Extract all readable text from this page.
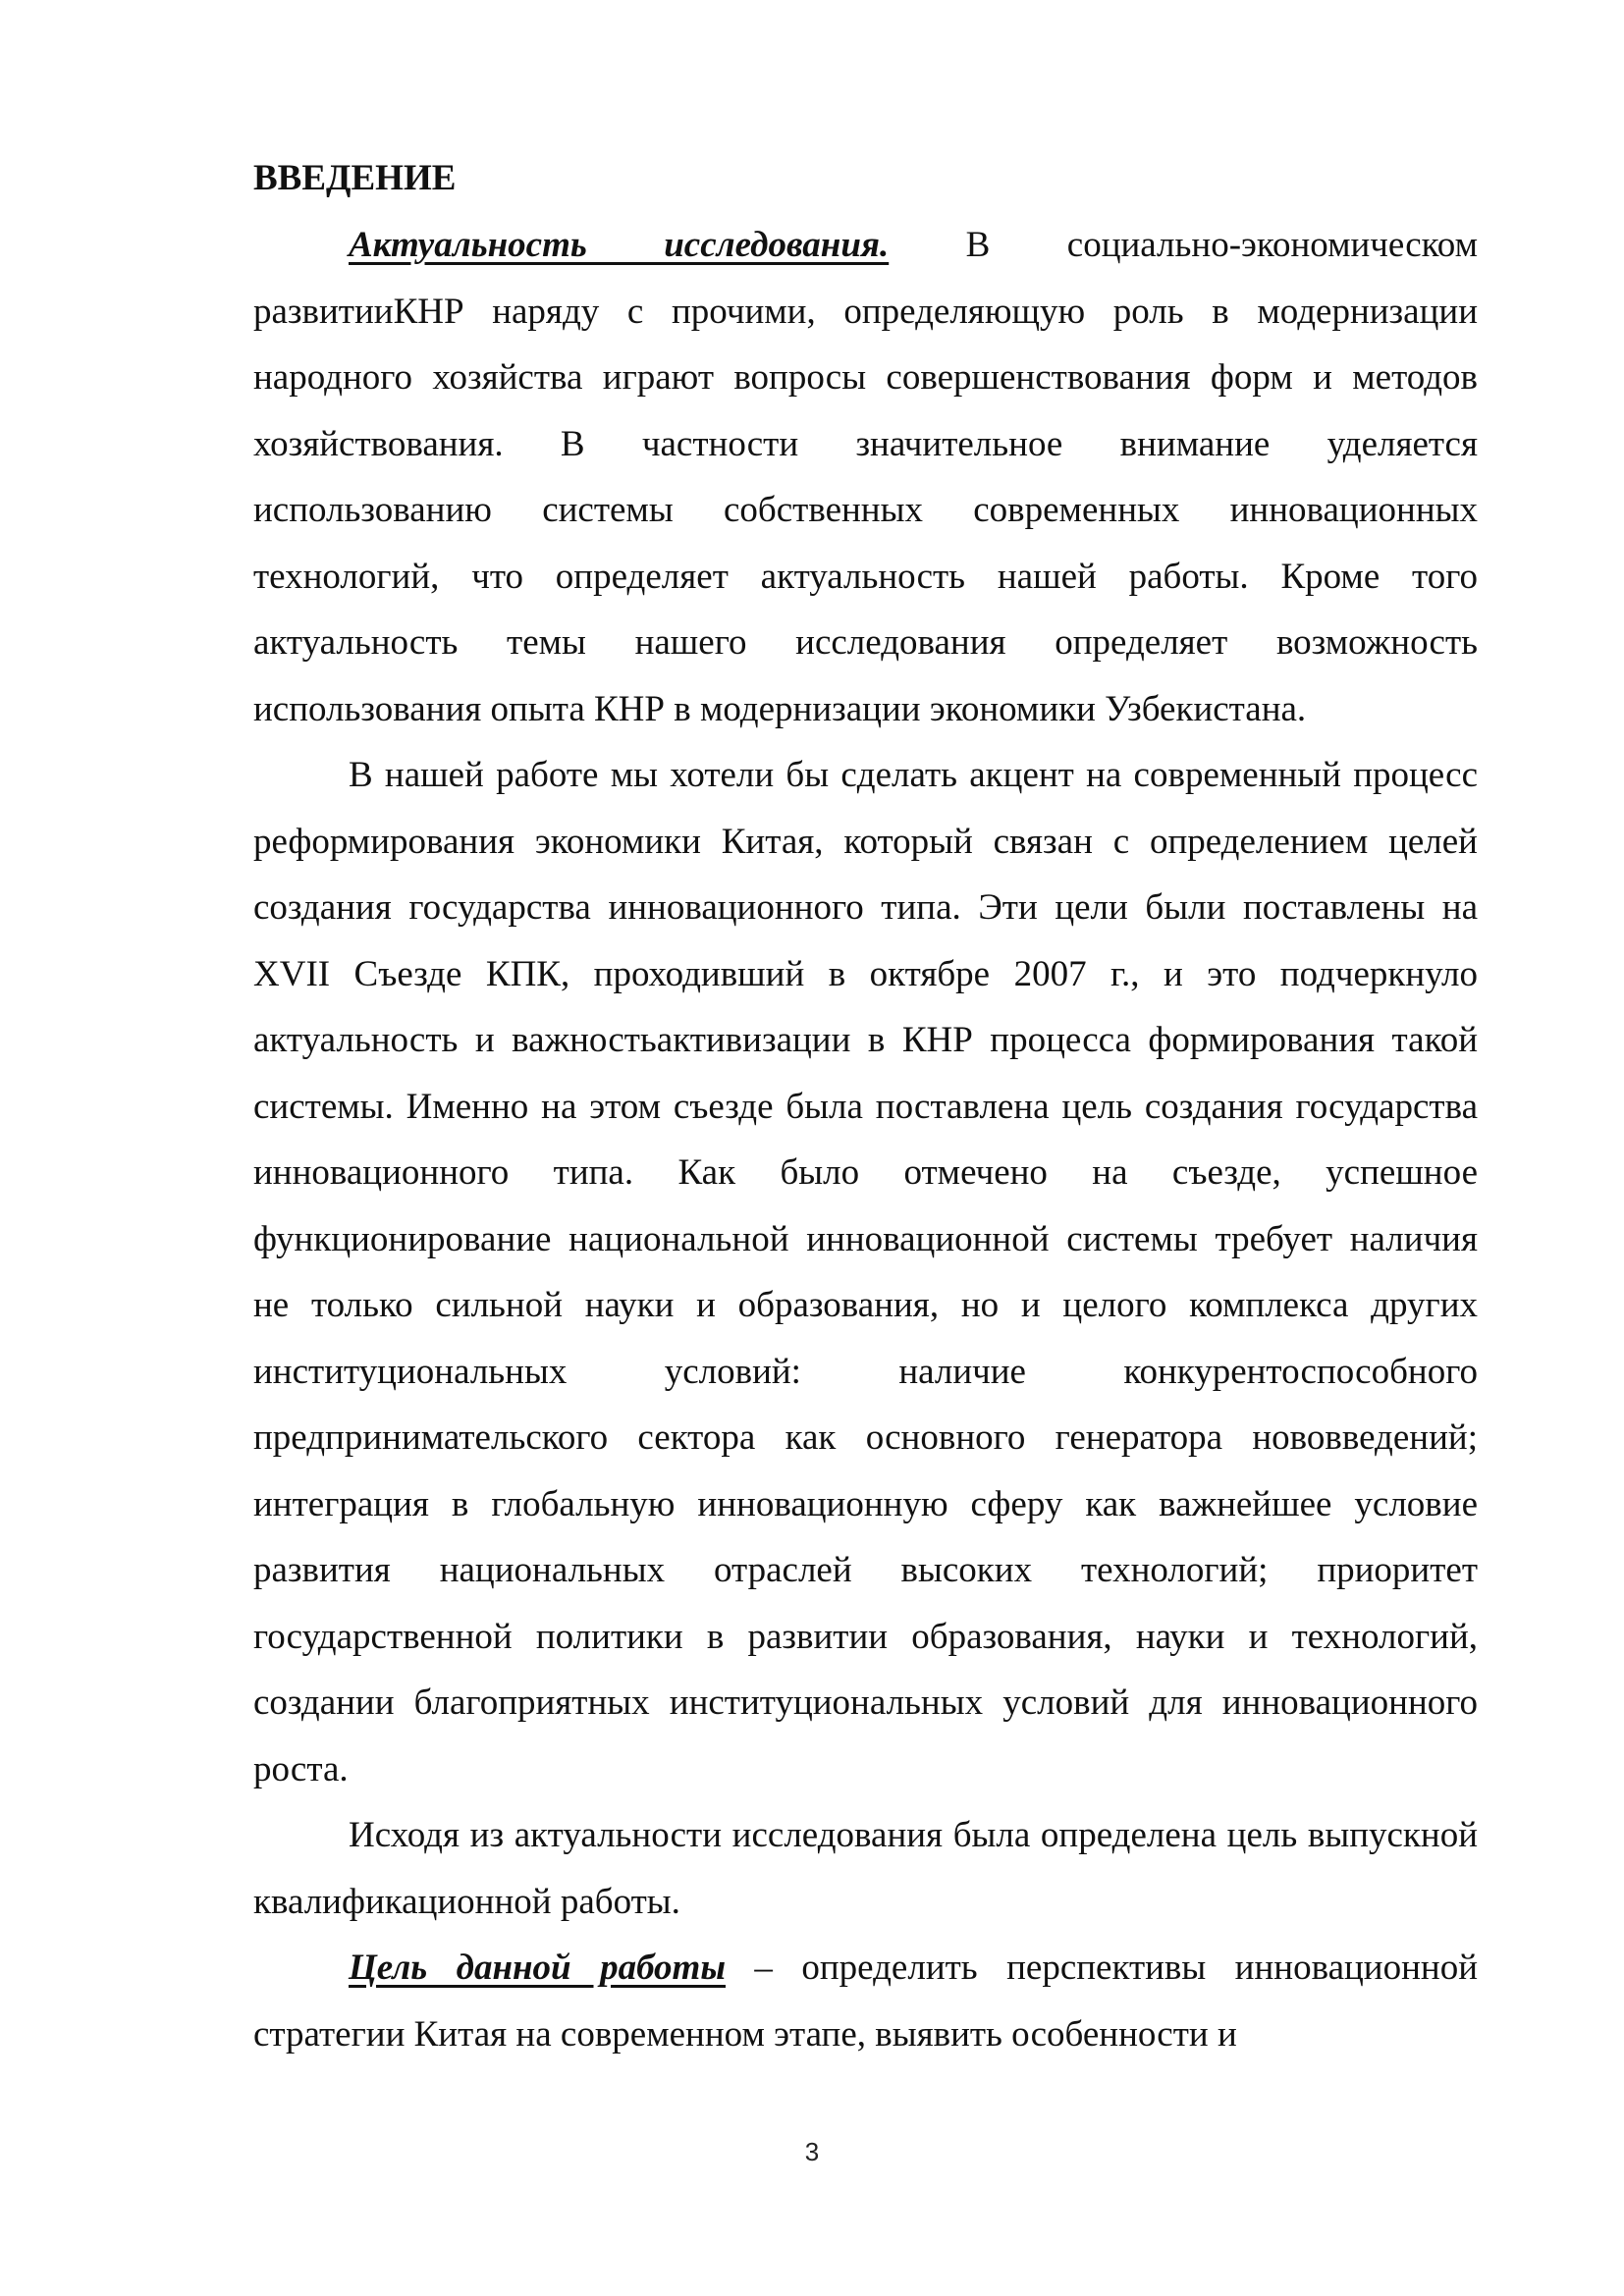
ВВЕДЕНИЕ

Актуальность исследования. В социально-экономическом развитииКНР наряду с прочими, определяющую роль в модернизации народного хозяйства играют вопросы совершенствования форм и методов хозяйствования. В частности значительное внимание уделяется использованию системы собственных современных инновационных технологий, что определяет актуальность нашей работы. Кроме того актуальность темы нашего исследования определяет возможность использования опыта КНР в модернизации экономики Узбекистана.

В нашей работе мы хотели бы сделать акцент на современный процесс реформирования экономики Китая, который связан с определением целей создания государства инновационного типа. Эти цели были поставлены на XVII Съезде КПК, проходивший в октябре 2007 г., и это подчеркнуло актуальность и важностьактивизации в КНР процесса формирования такой системы. Именно на этом съезде была поставлена цель создания государства инновационного типа. Как было отмечено на съезде, успешное функционирование национальной инновационной системы требует наличия не только сильной науки и образования, но и целого комплекса других институциональных условий: наличие конкурентоспособного предпринимательского сектора как основного генератора нововведений; интеграция в глобальную инновационную сферу как важнейшее условие развития национальных отраслей высоких технологий; приоритет государственной политики в развитии образования, науки и технологий, создании благоприятных институциональных условий для инновационного роста.

Исходя из актуальности исследования была определена цель выпускной квалификационной работы.

Цель данной работы – определить перспективы инновационной стратегии Китая на современном этапе, выявить особенности и

3
